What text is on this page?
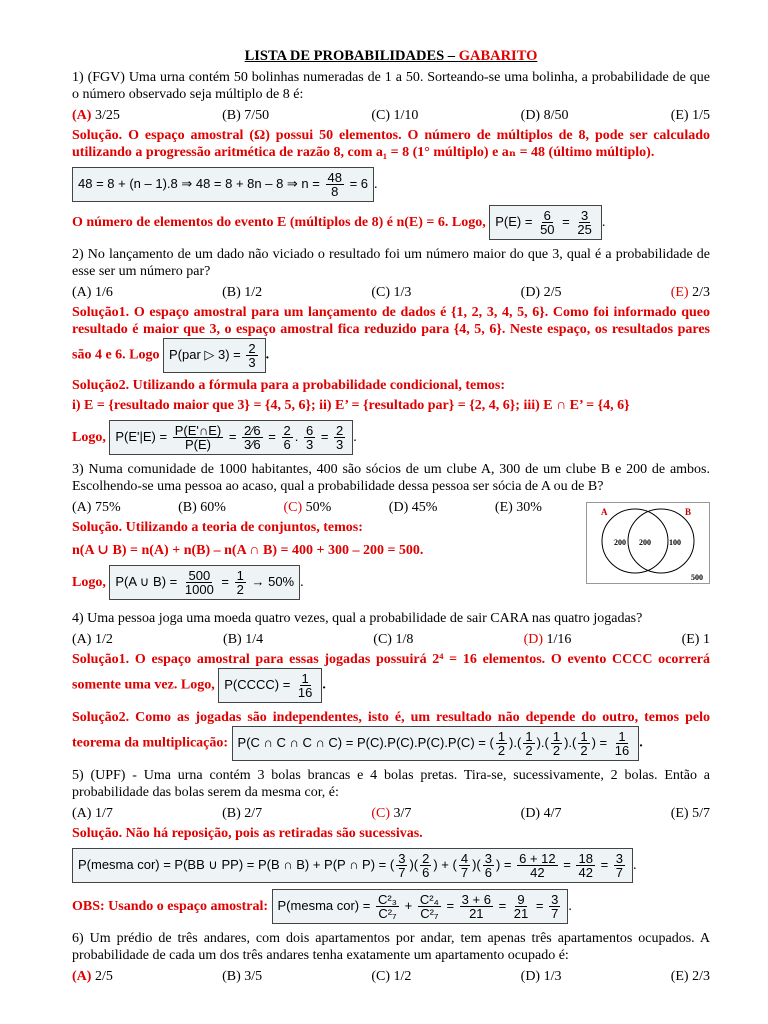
LISTA DE PROBABILIDADES – GABARITO

1) (FGV) Uma urna contém 50 bolinhas numeradas de 1 a 50. Sorteando-se uma bolinha, a probabilidade de que o número observado seja múltiplo de 8 é:

(A) 3/25	(B) 7/50	(C) 1/10	(D) 8/50	(E) 1/5

Solução. O espaço amostral (Ω) possui 50 elementos. O número de múltiplos de 8, pode ser calculado utilizando a progressão aritmética de razão 8, com a₁ = 8 (1° múltiplo) e aₙ = 48 (último múltiplo).

48 = 8 + (n – 1).8 ⇒ 48 = 8 + 8n – 8 ⇒ $n = \frac{48}{8} = 6$ .
O número de elementos do evento E (múltiplos de 8) é n(E) = 6. Logo,
$P(E) = \frac{6}{50} = \frac{3}{25}$ .

2) No lançamento de um dado não viciado o resultado foi um número maior do que 3, qual é a probabilidade de esse ser um número par?

(A) 1/6	(B) 1/2	(C) 1/3	(D) 2/5	(E) 2/3

Solução1. O espaço amostral para um lançamento de dados é {1, 2, 3, 4, 5, 6}. Como foi informado queo resultado é maior que 3, o espaço amostral fica reduzido para {4, 5, 6}. Neste espaço, os resultados pares são 4 e 6. Logo P(par ▷ $3) = \frac{2}{3}$ .

Solução2. Utilizando a fórmula para a probabilidade condicional, temos:

i) E = {resultado maior que 3} = {4, 5, 6}; ii) E’ = {resultado par} = {2, 4, 6}; iii) E ∩ E’ = {4, 6}

Logo,
$P(E'|E) = \frac{P(E'\cap E)}{P(E)} = \frac{2⁄6}{3⁄6} = \frac{2}{6}$ . $\frac{6}{3} = \frac{2}{3}$ .

3) Numa comunidade de 1000 habitantes, 400 são sócios de um clube A, 300 de um clube B e 200 de ambos. Escolhendo-se uma pessoa ao acaso, qual a probabilidade dessa pessoa ser sócia de A ou de B?

(A) 75%	(B) 60%	(C) 50%	(D) 45%	(E) 30%

Solução. Utilizando a teoria de conjuntos, temos:

n(A ∪ B) = n(A) + n(B) – n(A ∩ B) = 400 + 300 – 200 = 500.

Logo,
P(A ∪ $B) = \frac{500}{1000} = \frac{1}{2} \to 50\%$ .
A	B
200 200 100
500

4) Uma pessoa joga uma moeda quatro vezes, qual a probabilidade de sair CARA nas quatro jogadas?

(A) 1/2	(B) 1/4	(C) 1/8	(D) 1/16	(E) 1

Solução1. O espaço amostral para essas jogadas possuirá 2⁴ = 16 elementos. O evento CCCC ocorrerá somente uma vez. Logo, P(CCCC) = $\frac{1}{16}$ .

Solução2. Como as jogadas são independentes, isto é, um resultado não depende do outro, temos pelo teorema da multiplicação: P(C ∩ C ∩ C ∩ C) = P(C).P(C).P(C).P(C) = ( $\frac{1}{2}$ ).( $\frac{1}{2}$ ).( $\frac{1}{2}$ ).( $\frac{1}{2}$ ) = $\frac{1}{16}$ .

5) (UPF) - Uma urna contém 3 bolas brancas e 4 bolas pretas. Tira-se, sucessivamente, 2 bolas. Então a probabilidade das bolas serem da mesma cor, é:

(A) 1/7	(B) 2/7	(C) 3/7	(D) 4/7	(E) 5/7

Solução. Não há reposição, pois as retiradas são sucessivas.

P(mesma cor) = P(BB ∪ PP) = P(B ∩ B) + P(P ∩ P) = ( $\frac{3}{7}$ )( $\frac{2}{6}$ ) + ( $\frac{4}{7}$ )( $\frac{3}{6}$ ) = $\frac{6 + 12}{42} = \frac{18}{42} = \frac{3}{7}$ .
OBS: Usando o espaço amostral:
P(mesma $cor) = \frac{\text{C²₃}}{\text{C²₇}} + \frac{\text{C²₄}}{\text{C²₇}} = \frac{3 + 6}{21} = \frac{9}{21} = \frac{3}{7}$ .

6) Um prédio de três andares, com dois apartamentos por andar, tem apenas três apartamentos ocupados. A probabilidade de cada um dos três andares tenha exatamente um apartamento ocupado é:

(A) 2/5	(B) 3/5	(C) 1/2	(D) 1/3	(E) 2/3
